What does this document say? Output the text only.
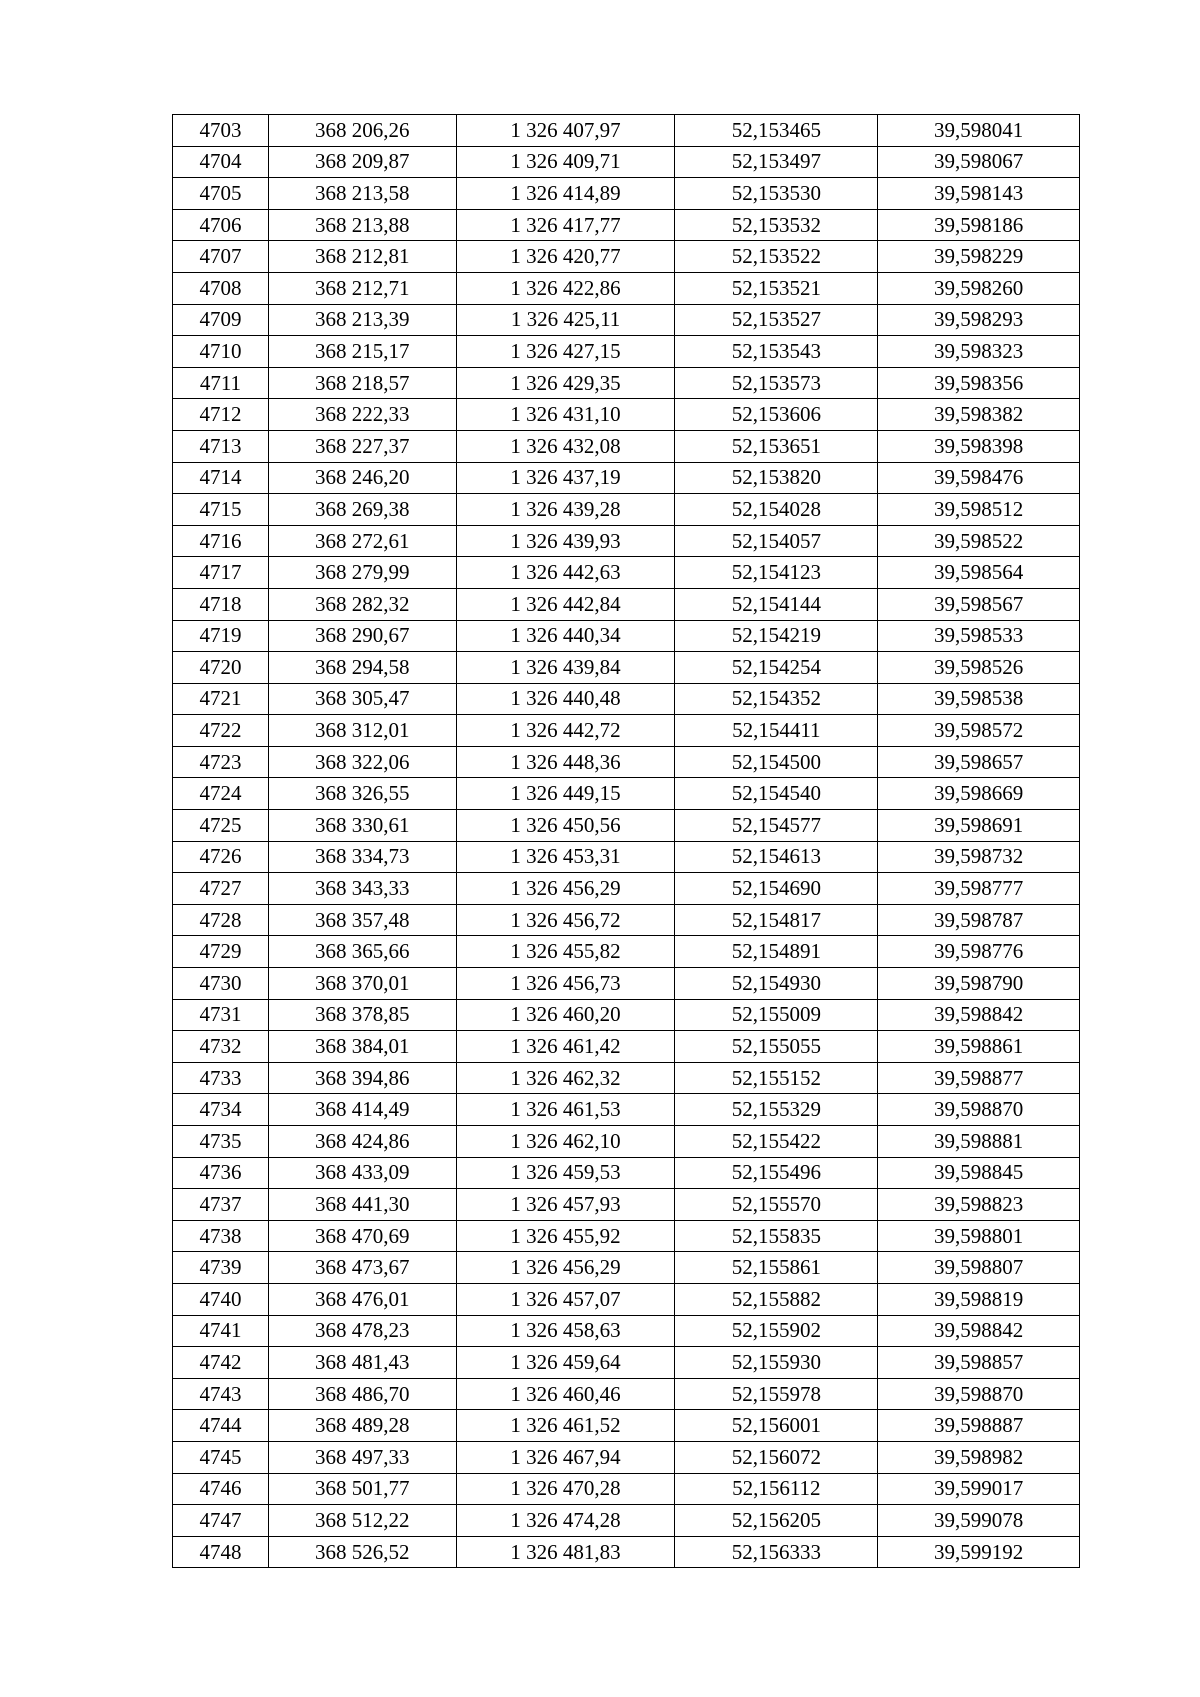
4703	368 206,26	1 326 407,97	52,153465	39,598041
4704	368 209,87	1 326 409,71	52,153497	39,598067
4705	368 213,58	1 326 414,89	52,153530	39,598143
4706	368 213,88	1 326 417,77	52,153532	39,598186
4707	368 212,81	1 326 420,77	52,153522	39,598229
4708	368 212,71	1 326 422,86	52,153521	39,598260
4709	368 213,39	1 326 425,11	52,153527	39,598293
4710	368 215,17	1 326 427,15	52,153543	39,598323
4711	368 218,57	1 326 429,35	52,153573	39,598356
4712	368 222,33	1 326 431,10	52,153606	39,598382
4713	368 227,37	1 326 432,08	52,153651	39,598398
4714	368 246,20	1 326 437,19	52,153820	39,598476
4715	368 269,38	1 326 439,28	52,154028	39,598512
4716	368 272,61	1 326 439,93	52,154057	39,598522
4717	368 279,99	1 326 442,63	52,154123	39,598564
4718	368 282,32	1 326 442,84	52,154144	39,598567
4719	368 290,67	1 326 440,34	52,154219	39,598533
4720	368 294,58	1 326 439,84	52,154254	39,598526
4721	368 305,47	1 326 440,48	52,154352	39,598538
4722	368 312,01	1 326 442,72	52,154411	39,598572
4723	368 322,06	1 326 448,36	52,154500	39,598657
4724	368 326,55	1 326 449,15	52,154540	39,598669
4725	368 330,61	1 326 450,56	52,154577	39,598691
4726	368 334,73	1 326 453,31	52,154613	39,598732
4727	368 343,33	1 326 456,29	52,154690	39,598777
4728	368 357,48	1 326 456,72	52,154817	39,598787
4729	368 365,66	1 326 455,82	52,154891	39,598776
4730	368 370,01	1 326 456,73	52,154930	39,598790
4731	368 378,85	1 326 460,20	52,155009	39,598842
4732	368 384,01	1 326 461,42	52,155055	39,598861
4733	368 394,86	1 326 462,32	52,155152	39,598877
4734	368 414,49	1 326 461,53	52,155329	39,598870
4735	368 424,86	1 326 462,10	52,155422	39,598881
4736	368 433,09	1 326 459,53	52,155496	39,598845
4737	368 441,30	1 326 457,93	52,155570	39,598823
4738	368 470,69	1 326 455,92	52,155835	39,598801
4739	368 473,67	1 326 456,29	52,155861	39,598807
4740	368 476,01	1 326 457,07	52,155882	39,598819
4741	368 478,23	1 326 458,63	52,155902	39,598842
4742	368 481,43	1 326 459,64	52,155930	39,598857
4743	368 486,70	1 326 460,46	52,155978	39,598870
4744	368 489,28	1 326 461,52	52,156001	39,598887
4745	368 497,33	1 326 467,94	52,156072	39,598982
4746	368 501,77	1 326 470,28	52,156112	39,599017
4747	368 512,22	1 326 474,28	52,156205	39,599078
4748	368 526,52	1 326 481,83	52,156333	39,599192
